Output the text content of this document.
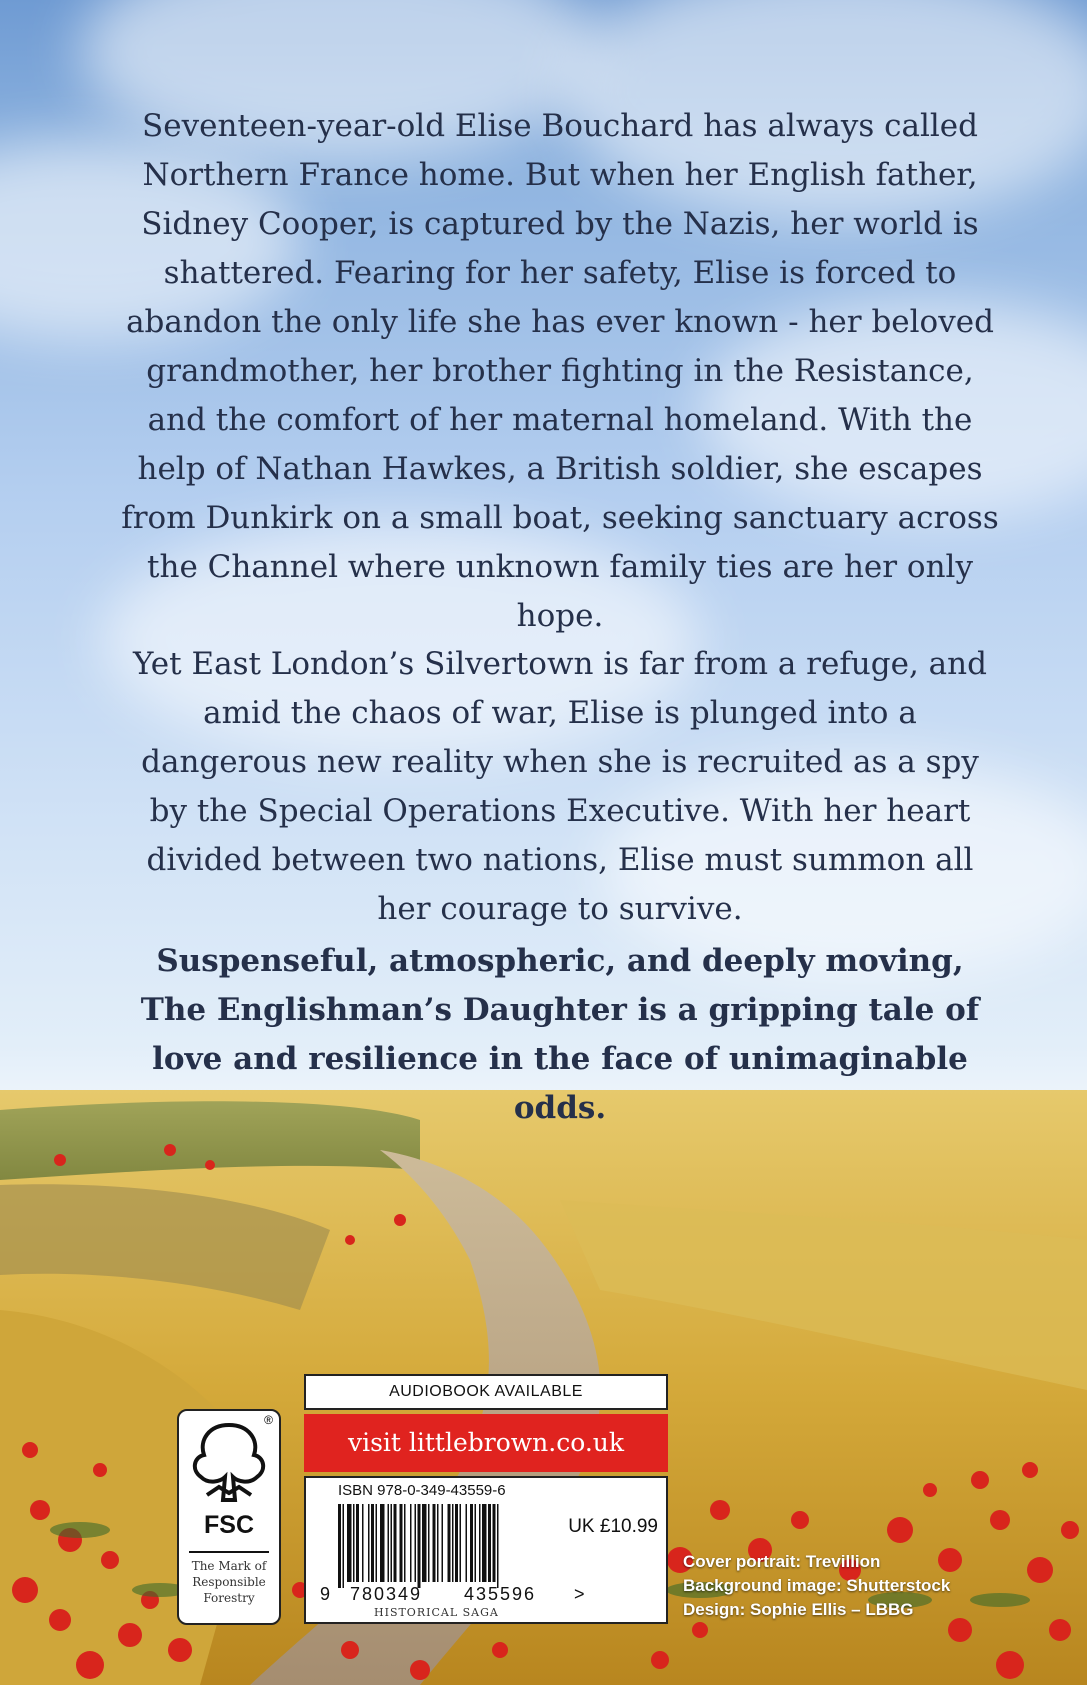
Seventeen-year-old Elise Bouchard has always called Northern France home. But when her English father, Sidney Cooper, is captured by the Nazis, her world is shattered. Fearing for her safety, Elise is forced to abandon the only life she has ever known - her beloved grandmother, her brother fighting in the Resistance, and the comfort of her maternal homeland. With the help of Nathan Hawkes, a British soldier, she escapes from Dunkirk on a small boat, seeking sanctuary across the Channel where unknown family ties are her only hope.
Yet East London’s Silvertown is far from a refuge, and amid the chaos of war, Elise is plunged into a dangerous new reality when she is recruited as a spy by the Special Operations Executive. With her heart divided between two nations, Elise must summon all her courage to survive.
Suspenseful, atmospheric, and deeply moving, The Englishman’s Daughter is a gripping tale of love and resilience in the face of unimaginable odds.
®
FSC
The Mark of
Responsible
Forestry
AUDIOBOOK AVAILABLE
visit littlebrown.co.uk
ISBN 978-0-349-43559-6
UK £10.99
9 780349 435596 >
HISTORICAL SAGA
Cover portrait: Trevillion
Background image: Shutterstock
Design: Sophie Ellis – LBBG
